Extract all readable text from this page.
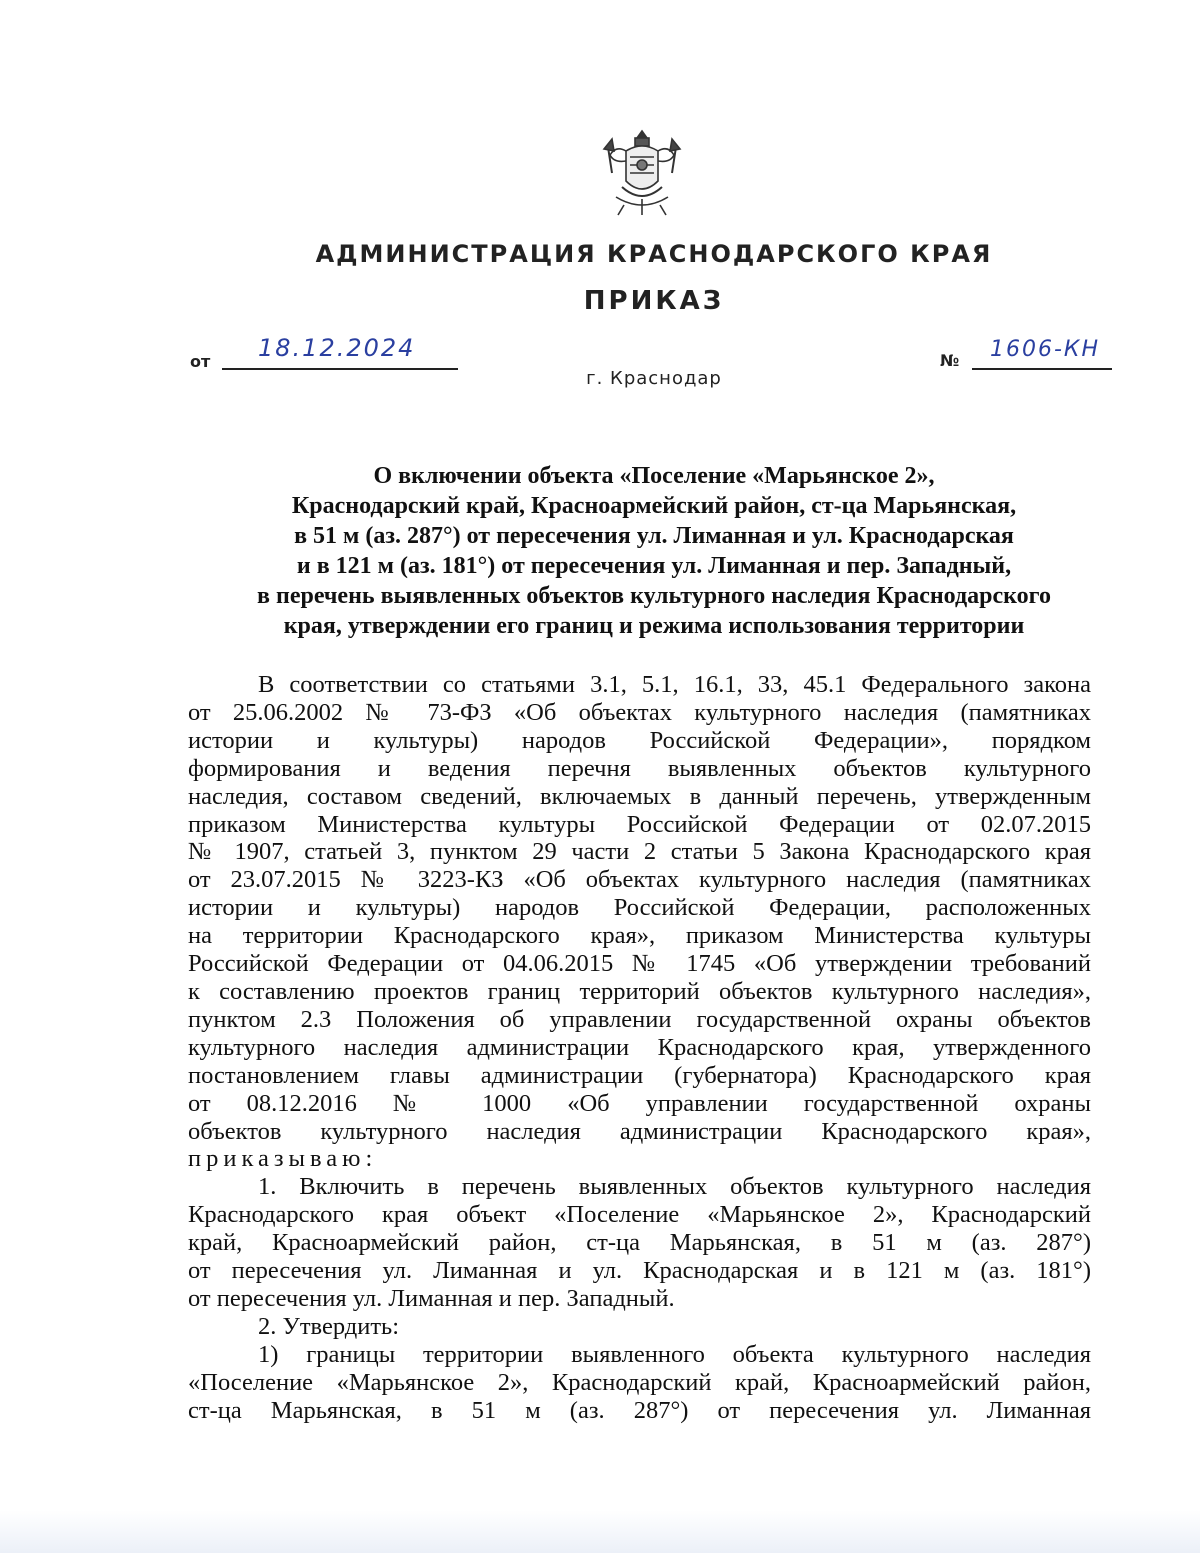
АДМИНИСТРАЦИЯ КРАСНОДАРСКОГО КРАЯ
ПРИКАЗ
от 18.12.2024
г. Краснодар
№ 1606-КН
О включении объекта «Поселение «Марьянское 2»,
Краснодарский край, Красноармейский район, ст-ца Марьянская,
в 51 м (аз. 287°) от пересечения ул. Лиманная и ул. Краснодарская
и в 121 м (аз. 181°) от пересечения ул. Лиманная и пер. Западный,
в перечень выявленных объектов культурного наследия Краснодарского
края, утверждении его границ и режима использования территории

В соответствии со статьями 3.1, 5.1, 16.1, 33, 45.1 Федерального закона

от 25.06.2002 № 73-ФЗ «Об объектах культурного наследия (памятниках

истории и культуры) народов Российской Федерации», порядком

формирования и ведения перечня выявленных объектов культурного

наследия, составом сведений, включаемых в данный перечень, утвержденным

приказом Министерства культуры Российской Федерации от 02.07.2015

№ 1907, статьей 3, пунктом 29 части 2 статьи 5 Закона Краснодарского края

от 23.07.2015 № 3223-КЗ «Об объектах культурного наследия (памятниках

истории и культуры) народов Российской Федерации, расположенных

на территории Краснодарского края», приказом Министерства культуры

Российской Федерации от 04.06.2015 № 1745 «Об утверждении требований

к составлению проектов границ территорий объектов культурного наследия»,

пунктом 2.3 Положения об управлении государственной охраны объектов

культурного наследия администрации Краснодарского края, утвержденного

постановлением главы администрации (губернатора) Краснодарского края

от 08.12.2016 № 1000 «Об управлении государственной охраны

объектов культурного наследия администрации Краснодарского края»,

приказываю:

1. Включить в перечень выявленных объектов культурного наследия

Краснодарского края объект «Поселение «Марьянское 2», Краснодарский

край, Красноармейский район, ст-ца Марьянская, в 51 м (аз. 287°)

от пересечения ул. Лиманная и ул. Краснодарская и в 121 м (аз. 181°)

от пересечения ул. Лиманная и пер. Западный.

2. Утвердить:

1) границы территории выявленного объекта культурного наследия

«Поселение «Марьянское 2», Краснодарский край, Красноармейский район,

ст-ца Марьянская, в 51 м (аз. 287°) от пересечения ул. Лиманная
